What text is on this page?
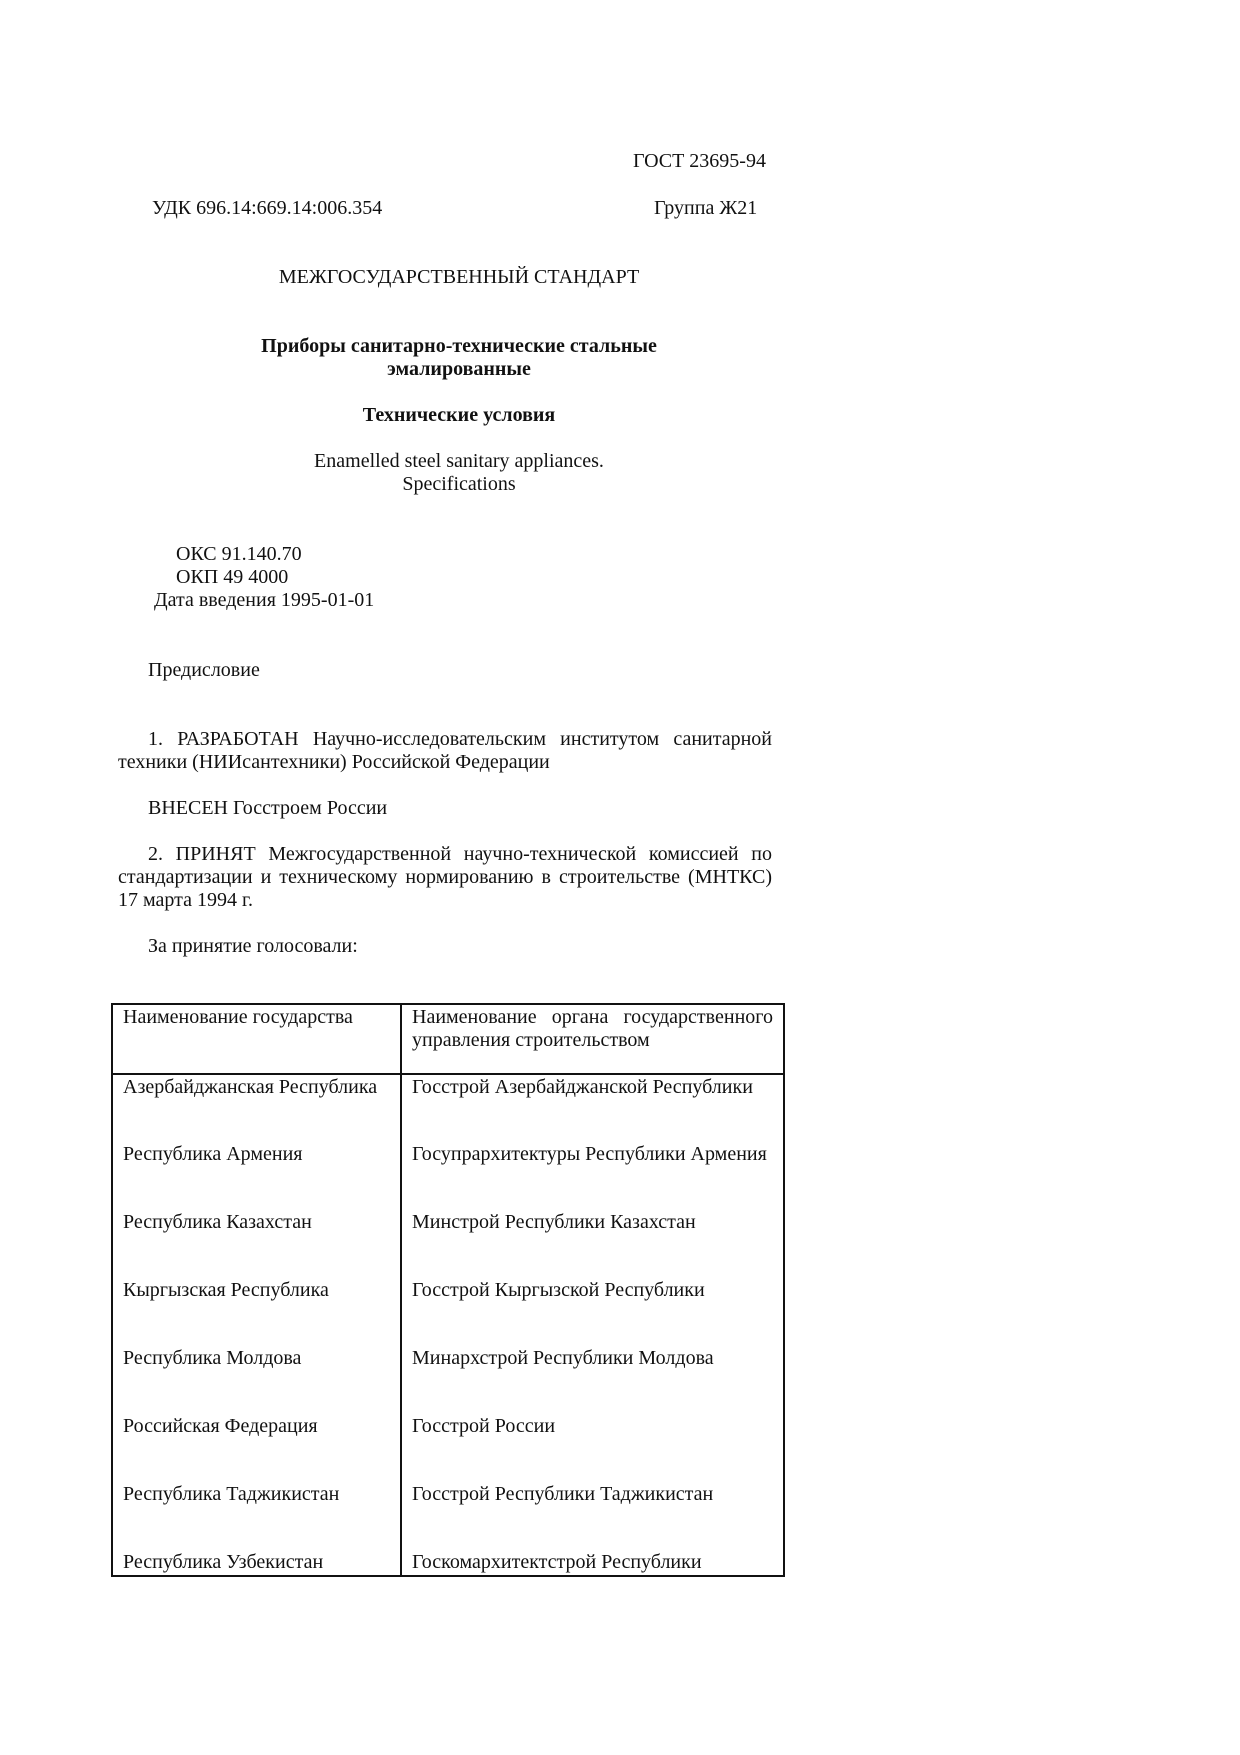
ГОСТ 23695-94
УДК 696.14:669.14:006.354	Группа Ж21
МЕЖГОСУДАРСТВЕННЫЙ СТАНДАРТ
Приборы санитарно-технические стальные
эмалированные
Технические условия
Enamelled steel sanitary appliances.
Specifications
ОКС 91.140.70
ОКП 49 4000
Дата введения 1995-01-01
Предисловие
1. РАЗРАБОТАН Научно-исследовательским институтом санитарной техники (НИИсантехники) Российской Федерации
ВНЕСЕН Госстроем России
2. ПРИНЯТ Межгосударственной научно-технической комиссией по стандартизации и техническому нормированию в строительстве (МНТКС) 17 марта 1994 г.
За принятие голосовали:
Наименование государства	Наименование органа государственного управления строительством
Азербайджанская Республика	Госстрой Азербайджанской Республики
Республика Армения	Госупрархитектуры Республики Армения
Республика Казахстан	Минстрой Республики Казахстан
Кыргызская Республика	Госстрой Кыргызской Республики
Республика Молдова	Минархстрой Республики Молдова
Российская Федерация	Госстрой России
Республика Таджикистан	Госстрой Республики Таджикистан
Республика Узбекистан	Госкомархитектстрой Республики
